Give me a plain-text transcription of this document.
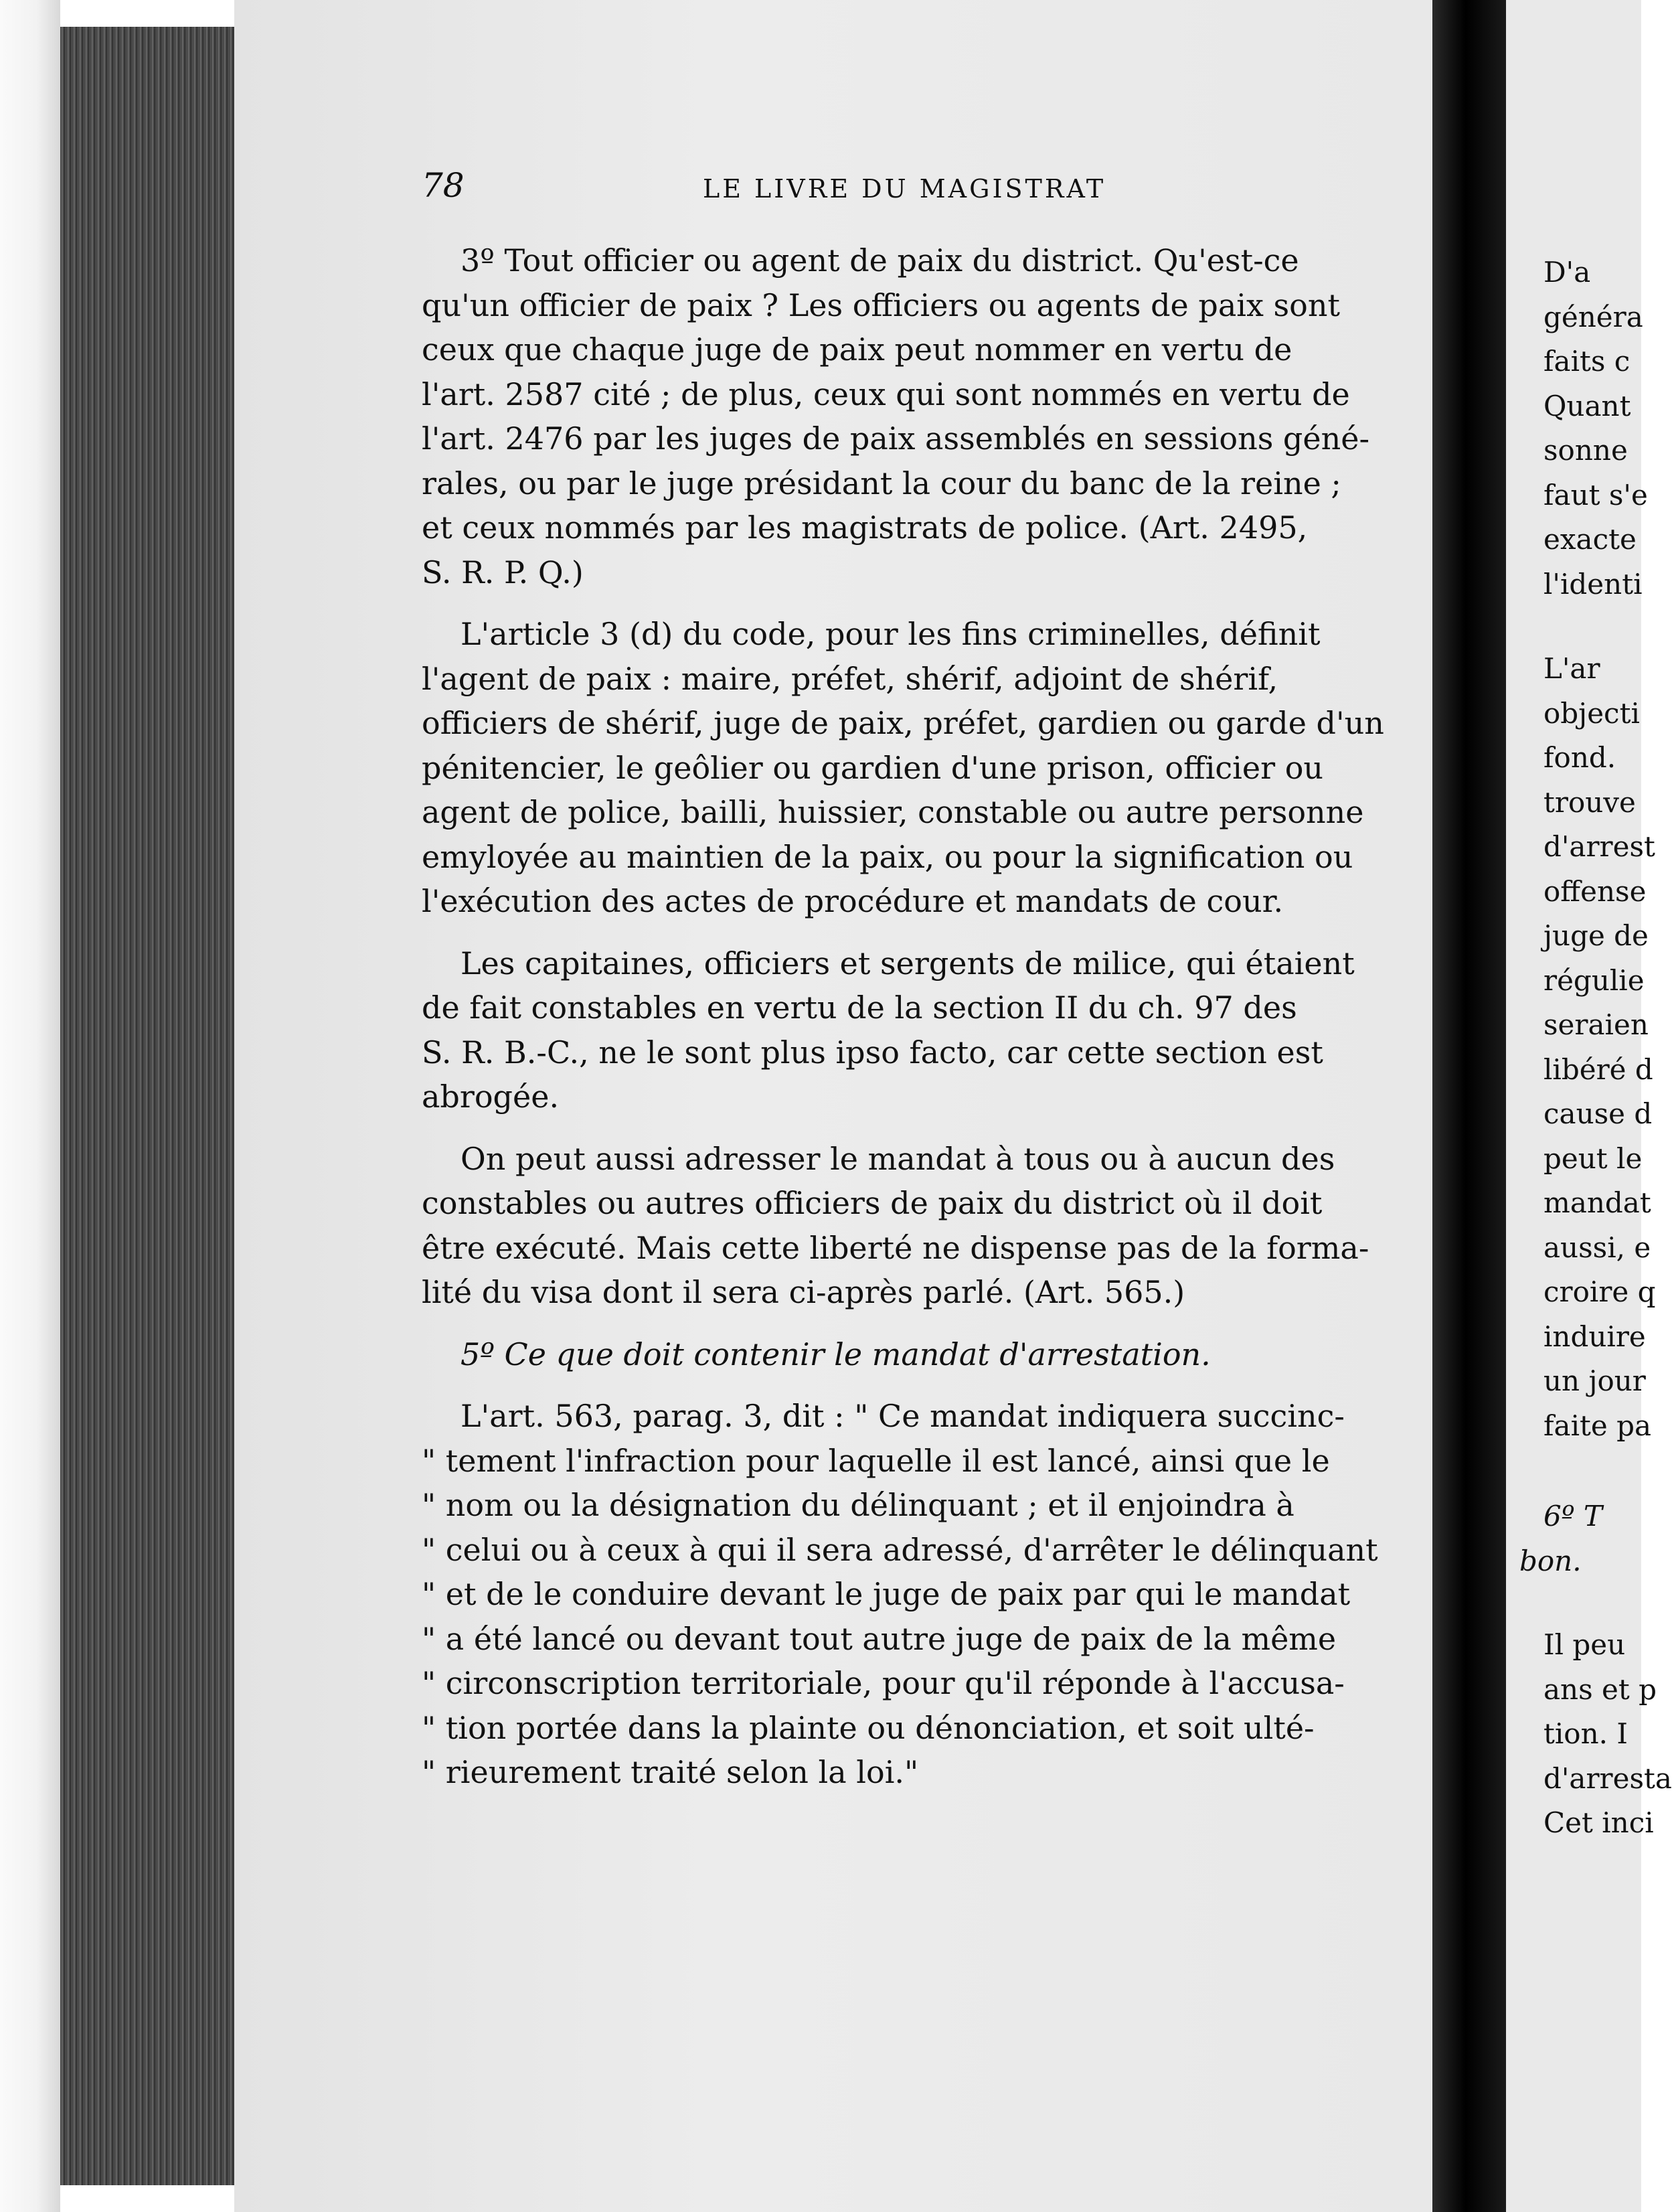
78	LE LIVRE DU MAGISTRAT
3º Tout officier ou agent de paix du district. Qu'est-ce
qu'un officier de paix ? Les officiers ou agents de paix sont
ceux que chaque juge de paix peut nommer en vertu de
l'art. 2587 cité ; de plus, ceux qui sont nommés en vertu de
l'art. 2476 par les juges de paix assemblés en sessions géné-
rales, ou par le juge présidant la cour du banc de la reine ;
et ceux nommés par les magistrats de police. (Art. 2495,
S. R. P. Q.)
L'article 3 (d) du code, pour les fins criminelles, définit
l'agent de paix : maire, préfet, shérif, adjoint de shérif,
officiers de shérif, juge de paix, préfet, gardien ou garde d'un
pénitencier, le geôlier ou gardien d'une prison, officier ou
agent de police, bailli, huissier, constable ou autre personne
emyloyée au maintien de la paix, ou pour la signification ou
l'exécution des actes de procédure et mandats de cour.
Les capitaines, officiers et sergents de milice, qui étaient
de fait constables en vertu de la section II du ch. 97 des
S. R. B.-C., ne le sont plus ipso facto, car cette section est
abrogée.
On peut aussi adresser le mandat à tous ou à aucun des
constables ou autres officiers de paix du district où il doit
être exécuté. Mais cette liberté ne dispense pas de la forma-
lité du visa dont il sera ci-après parlé. (Art. 565.)
5º Ce que doit contenir le mandat d'arrestation.
L'art. 563, parag. 3, dit : " Ce mandat indiquera succinc-
" tement l'infraction pour laquelle il est lancé, ainsi que le
" nom ou la désignation du délinquant ; et il enjoindra à
" celui ou à ceux à qui il sera adressé, d'arrêter le délinquant
" et de le conduire devant le juge de paix par qui le mandat
" a été lancé ou devant tout autre juge de paix de la même
" circonscription territoriale, pour qu'il réponde à l'accusa-
" tion portée dans la plainte ou dénonciation, et soit ulté-
" rieurement traité selon la loi."
D'a
généra
faits c
Quant
sonne
faut s'e
exacte
l'identi
L'ar
objecti
fond.
trouve
d'arrest
offense
juge de
régulie
seraien
libéré d
cause d
peut le
mandat
aussi, e
croire q
induire
un jour
faite pa
6º T
bon.
Il peu
ans et p
tion. I
d'arresta
Cet inci
